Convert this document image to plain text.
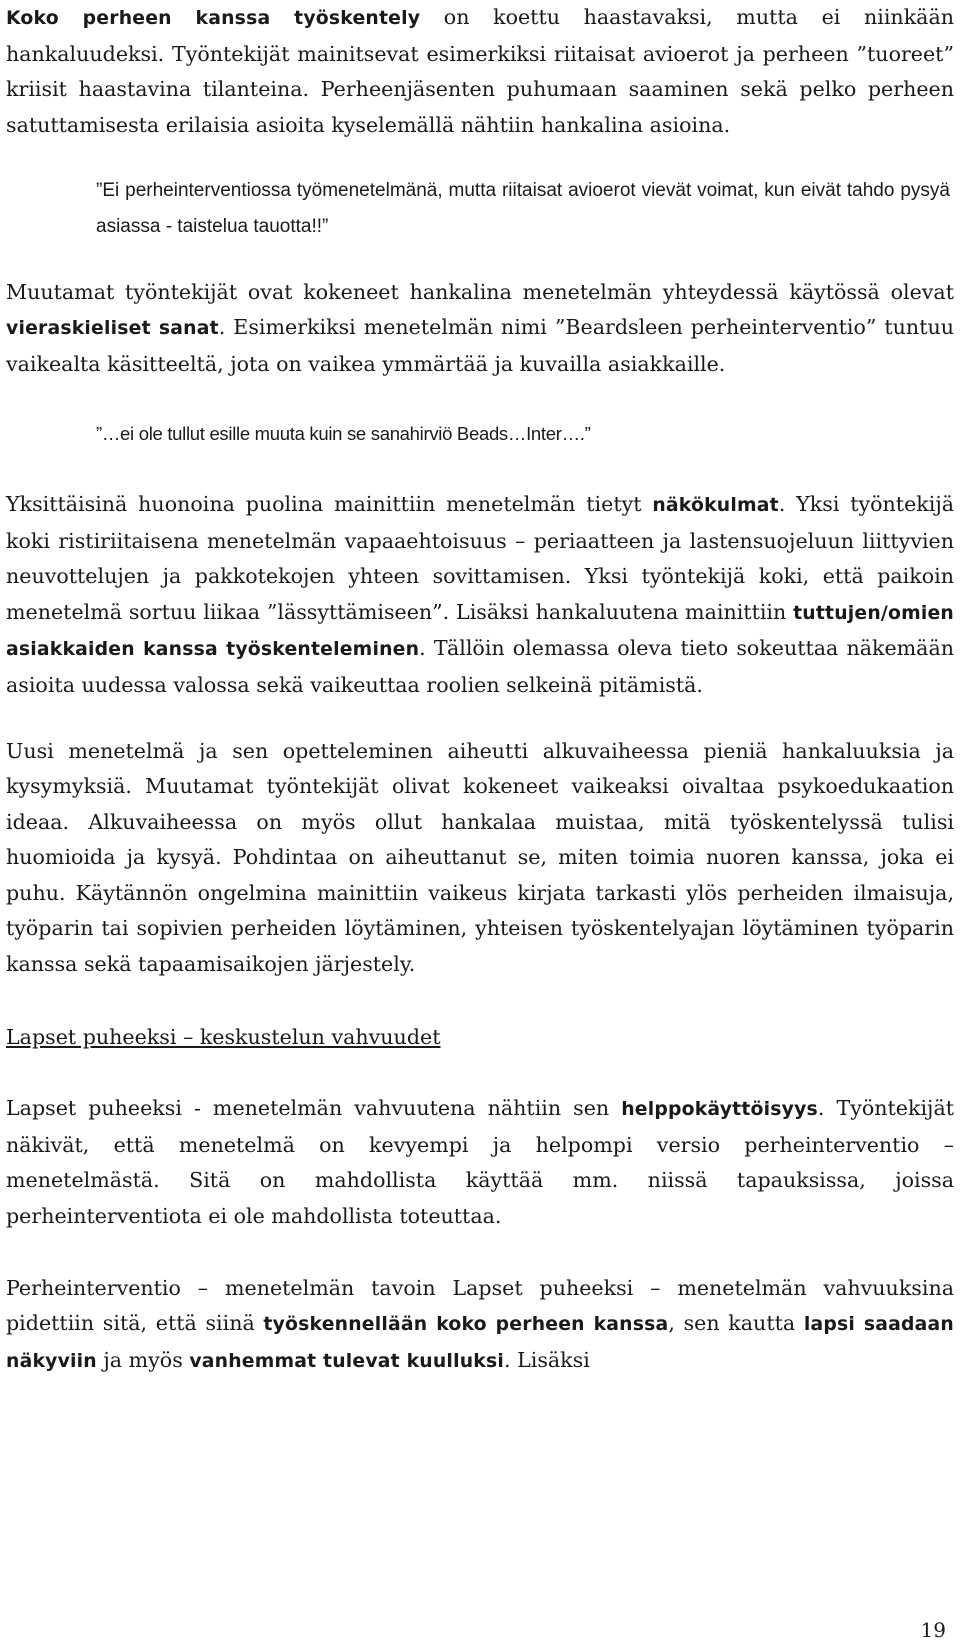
Koko perheen kanssa työskentely on koettu haastavaksi, mutta ei niinkään hankaluudeksi. Työntekijät mainitsevat esimerkiksi riitaisat avioerot ja perheen ”tuoreet” kriisit haastavina tilanteina. Perheenjäsenten puhumaan saaminen sekä pelko perheen satuttamisesta erilaisia asioita kyselemällä nähtiin hankalina asioina.

”Ei perheinterventiossa työmenetelmänä, mutta riitaisat avioerot vievät voimat, kun eivät tahdo pysyä asiassa - taistelua tauotta!!”

Muutamat työntekijät ovat kokeneet hankalina menetelmän yhteydessä käytössä olevat vieraskieliset sanat. Esimerkiksi menetelmän nimi ”Beardsleen perheinterventio” tuntuu vaikealta käsitteeltä, jota on vaikea ymmärtää ja kuvailla asiakkaille.

”…ei ole tullut esille muuta kuin se sanahirviö Beads…Inter….”

Yksittäisinä huonoina puolina mainittiin menetelmän tietyt näkökulmat. Yksi työntekijä koki ristiriitaisena menetelmän vapaaehtoisuus – periaatteen ja lastensuojeluun liittyvien neuvottelujen ja pakkotekojen yhteen sovittamisen. Yksi työntekijä koki, että paikoin menetelmä sortuu liikaa ”lässyttämiseen”. Lisäksi hankaluutena mainittiin tuttujen/omien asiakkaiden kanssa työskenteleminen. Tällöin olemassa oleva tieto sokeuttaa näkemään asioita uudessa valossa sekä vaikeuttaa roolien selkeinä pitämistä.

Uusi menetelmä ja sen opetteleminen aiheutti alkuvaiheessa pieniä hankaluuksia ja kysymyksiä. Muutamat työntekijät olivat kokeneet vaikeaksi oivaltaa psykoedukaation ideaa. Alkuvaiheessa on myös ollut hankalaa muistaa, mitä työskentelyssä tulisi huomioida ja kysyä. Pohdintaa on aiheuttanut se, miten toimia nuoren kanssa, joka ei puhu. Käytännön ongelmina mainittiin vaikeus kirjata tarkasti ylös perheiden ilmaisuja, työparin tai sopivien perheiden löytäminen, yhteisen työskentelyajan löytäminen työparin kanssa sekä tapaamisaikojen järjestely.

Lapset puheeksi – keskustelun vahvuudet

Lapset puheeksi - menetelmän vahvuutena nähtiin sen helppokäyttöisyys. Työntekijät näkivät, että menetelmä on kevyempi ja helpompi versio perheinterventio – menetelmästä. Sitä on mahdollista käyttää mm. niissä tapauksissa, joissa perheinterventiota ei ole mahdollista toteuttaa.

Perheinterventio – menetelmän tavoin Lapset puheeksi – menetelmän vahvuuksina pidettiin sitä, että siinä työskennellään koko perheen kanssa, sen kautta lapsi saadaan näkyviin ja myös vanhemmat tulevat kuulluksi. Lisäksi

19
